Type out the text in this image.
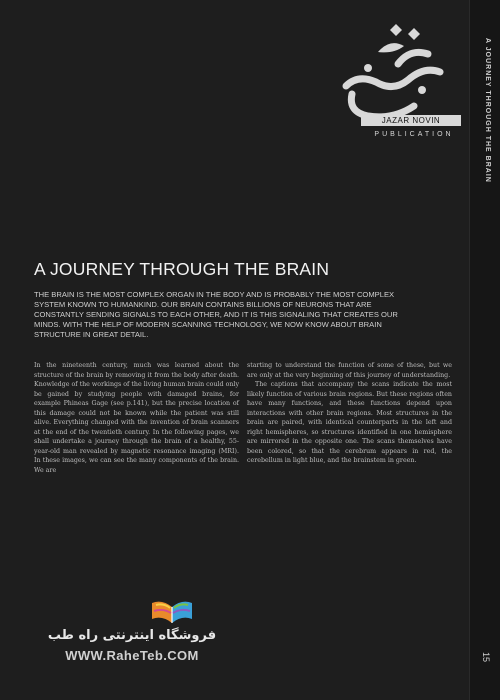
A JOURNEY THROUGH THE BRAIN
15
JAZAR NOVIN
PUBLICATION
A JOURNEY THROUGH THE BRAIN

THE BRAIN IS THE MOST COMPLEX ORGAN IN THE BODY AND IS PROBABLY THE MOST COMPLEX SYSTEM KNOWN TO HUMANKIND. OUR BRAIN CONTAINS BILLIONS OF NEURONS THAT ARE CONSTANTLY SENDING SIGNALS TO EACH OTHER, AND IT IS THIS SIGNALING THAT CREATES OUR MINDS. WITH THE HELP OF MODERN SCANNING TECHNOLOGY, WE NOW KNOW ABOUT BRAIN STRUCTURE IN GREAT DETAIL.

In the nineteenth century, much was learned about the structure of the brain by removing it from the body after death. Knowledge of the workings of the living human brain could only be gained by studying people with damaged brains, for example Phineas Gage (see p.141), but the precise location of this damage could not be known while the patient was still alive. Everything changed with the invention of brain scanners at the end of the twentieth century. In the following pages, we shall undertake a journey through the brain of a healthy, 55-year-old man revealed by magnetic resonance imaging (MRI). In these images, we can see the many components of the brain. We are

starting to understand the function of some of these, but we are only at the very beginning of this journey of understanding.
The captions that accompany the scans indicate the most likely function of various brain regions. But these regions often have many functions, and these functions depend upon interactions with other brain regions. Most structures in the brain are paired, with identical counterparts in the left and right hemispheres, so structures identified in one hemisphere are mirrored in the opposite one. The scans themselves have been colored, so that the cerebrum appears in red, the cerebellum in light blue, and the brainstem in green.
فروشگاه اینترنتی راه طب
WWW.RaheTeb.COM
